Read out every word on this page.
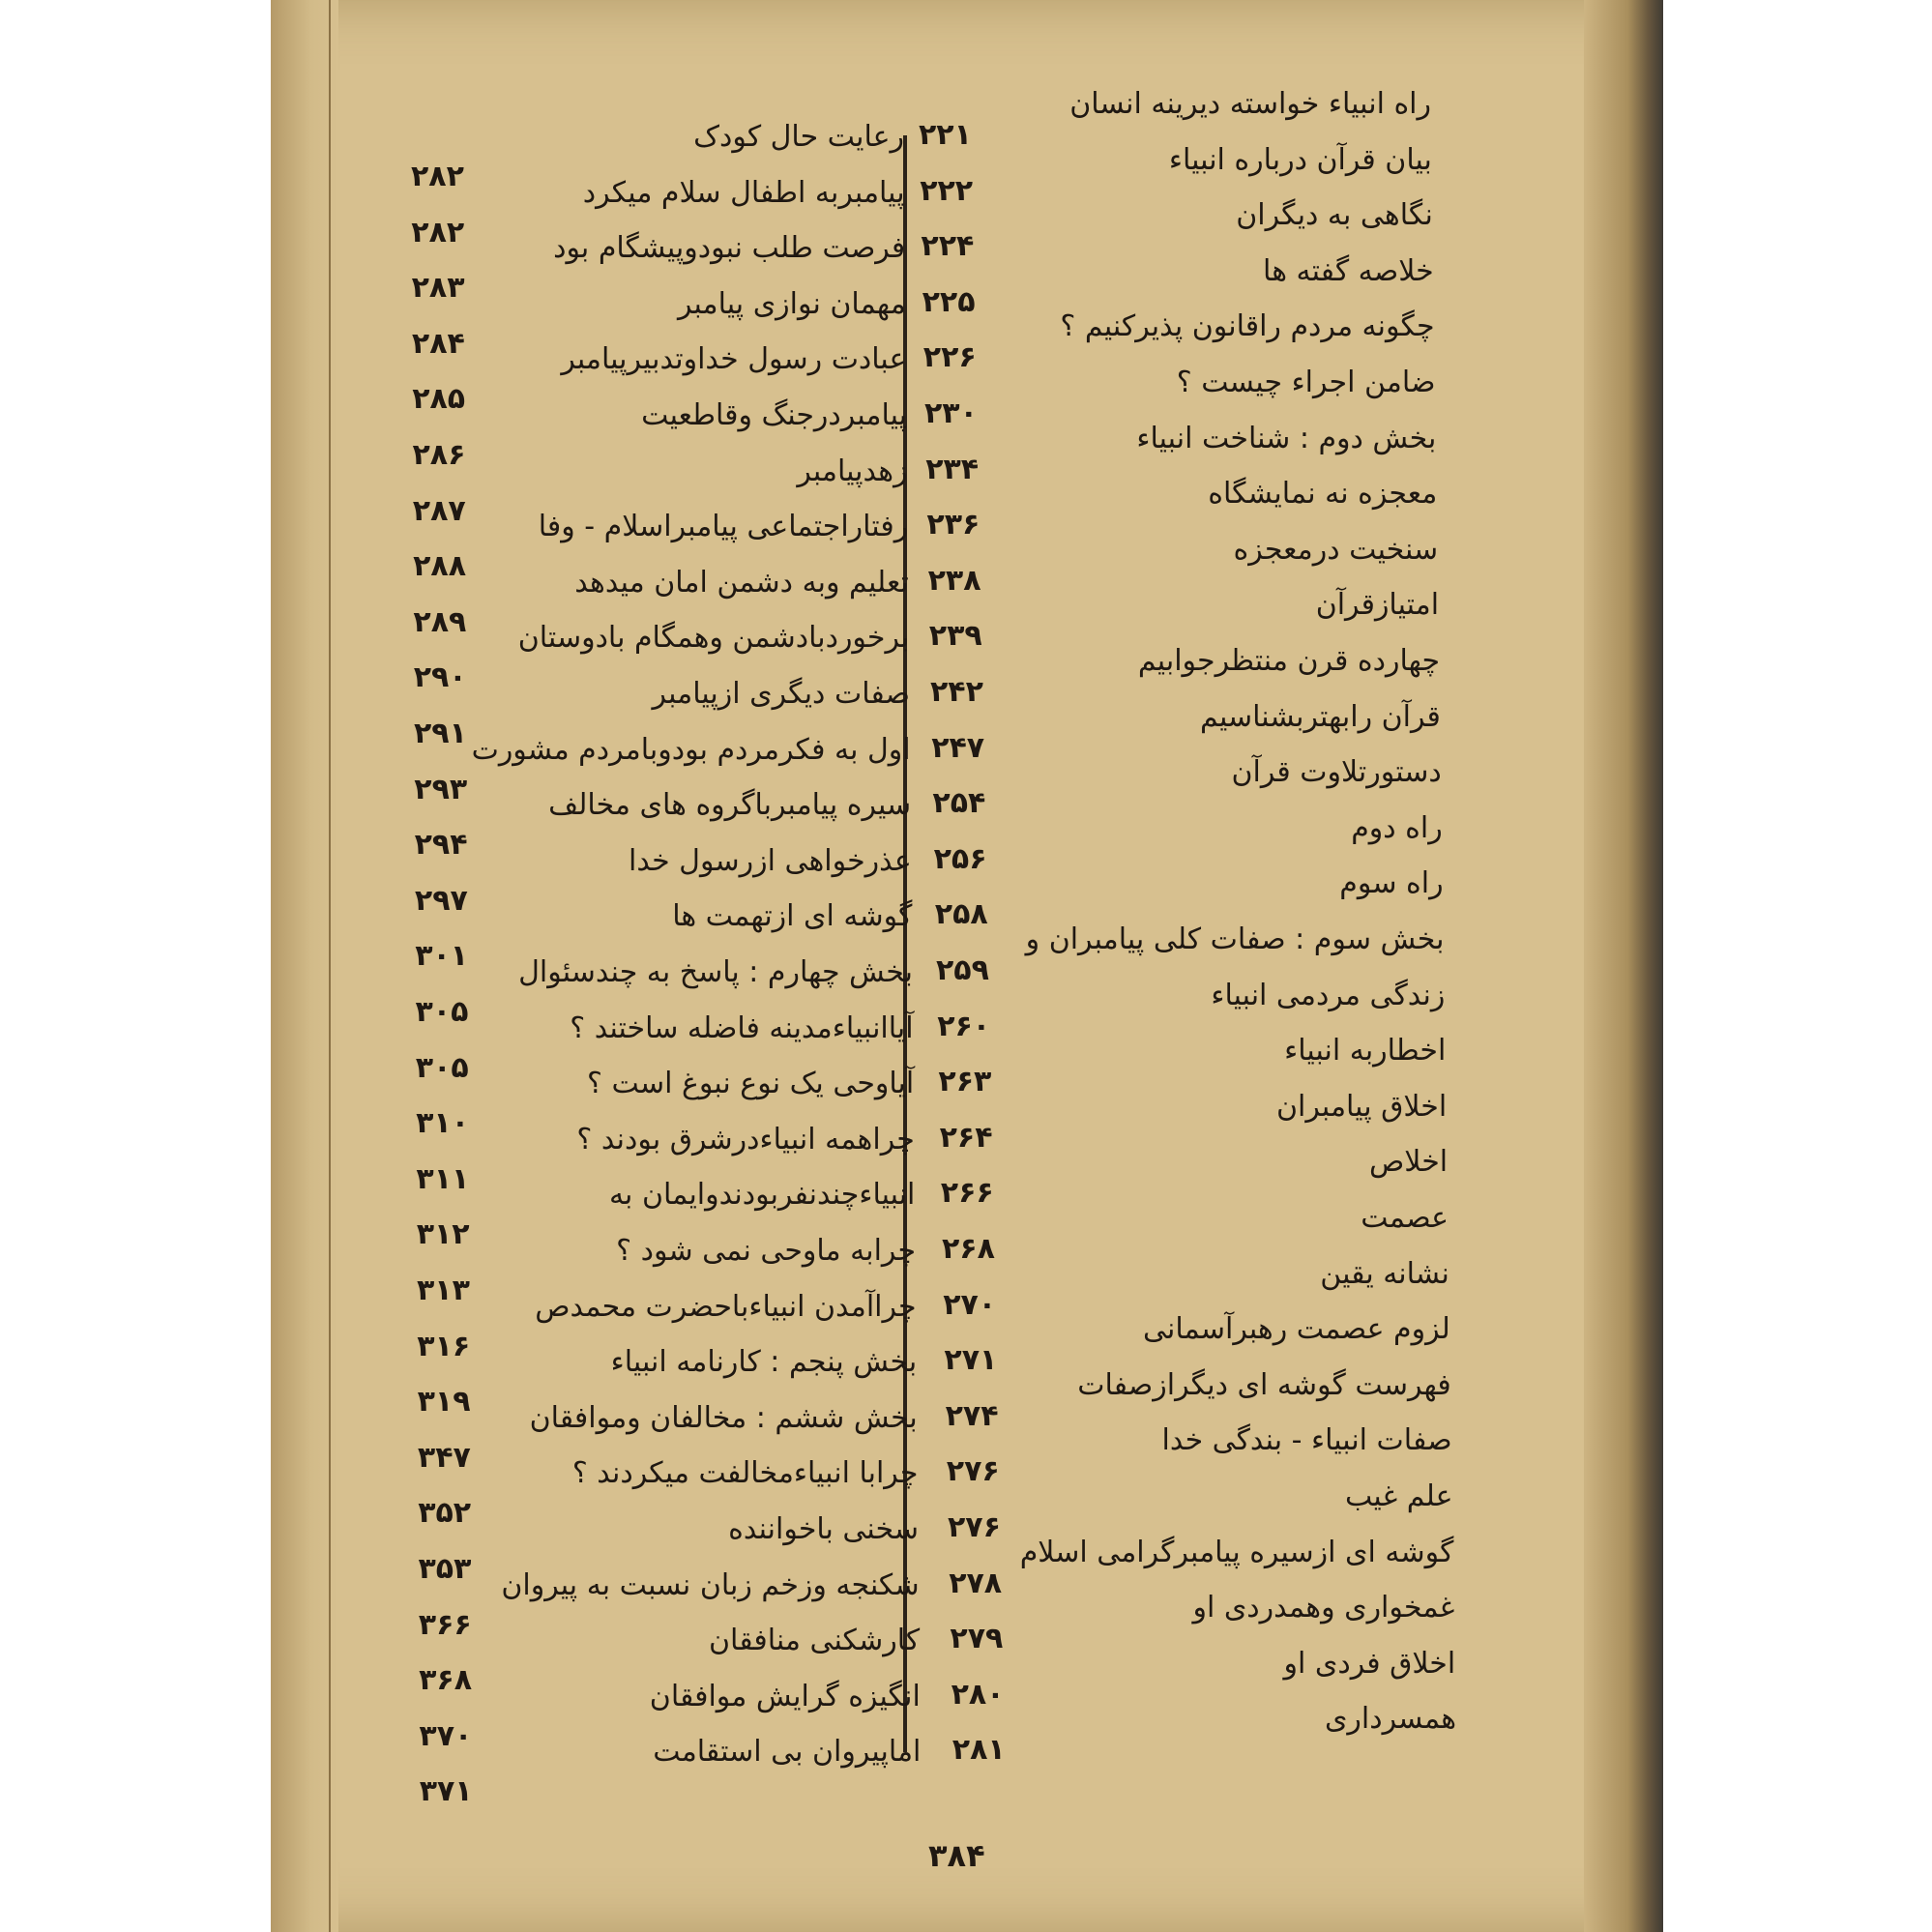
راه انبیاء خواسته دیرینه انسان
بیان قرآن درباره انبیاء
نگاهی به دیگران
خلاصه گفته ها
چگونه مردم راقانون پذیرکنیم ؟
ضامن اجراء چیست ؟
بخش دوم : شناخت انبیاء
معجزه نه نمایشگاه
سنخیت درمعجزه
امتیازقرآن
چهارده قرن منتظرجوابیم
قرآن رابهتربشناسیم
دستورتلاوت قرآن
راه دوم
راه سوم
بخش سوم : صفات کلی پیامبران و
زندگی مردمی انبیاء
اخطاربه انبیاء
اخلاق پیامبران
اخلاص
عصمت
نشانه یقین
لزوم عصمت رهبرآسمانی
فهرست گوشه ای دیگرازصفات
صفات انبیاء - بندگی خدا
علم غیب
گوشه ای ازسیره پیامبرگرامی اسلام
غمخواری وهمدردی او
اخلاق فردی او
همسرداری
۲۲۱
۲۲۲
۲۲۴
۲۲۵
۲۲۶
۲۳۰
۲۳۴
۲۳۶
۲۳۸
۲۳۹
۲۴۲
۲۴۷
۲۵۴
۲۵۶
۲۵۸
۲۵۹
۲۶۰
۲۶۳
۲۶۴
۲۶۶
۲۶۸
۲۷۰
۲۷۱
۲۷۴
۲۷۶
۲۷۶
۲۷۸
۲۷۹
۲۸۰
۲۸۱
رعایت حال کودک
پیامبربه اطفال سلام میکرد
فرصت طلب نبودوپیشگام بود
مهمان نوازی پیامبر
عبادت رسول خداوتدبیرپیامبر
پیامبردرجنگ وقاطعیت
زهدپیامبر
رفتاراجتماعی پیامبراسلام - وفا
تعلیم وبه دشمن امان میدهد
برخوردبادشمن وهمگام بادوستان
صفات دیگری ازپیامبر
اول به فکرمردم بودوبامردم مشورت
سیره پیامبرباگروه های مخالف
عذرخواهی ازرسول خدا
گوشه ای ازتهمت ها
بخش چهارم : پاسخ به چندسئوال
آیاانبیاءمدینه فاضله ساختند ؟
آیاوحی یک نوع نبوغ است ؟
چراهمه انبیاءدرشرق بودند ؟
انبیاءچندنفربودندوایمان به
چرابه ماوحی نمی شود ؟
چراآمدن انبیاءباحضرت محمدص
بخش پنجم : کارنامه انبیاء
بخش ششم : مخالفان وموافقان
چرابا انبیاءمخالفت میکردند ؟
سخنی باخواننده
شکنجه وزخم زبان نسبت به پیروان
کارشکنی منافقان
انگیزه گرایش موافقان
اماپیروان بی استقامت
۲۸۲
۲۸۲
۲۸۳
۲۸۴
۲۸۵
۲۸۶
۲۸۷
۲۸۸
۲۸۹
۲۹۰
۲۹۱
۲۹۳
۲۹۴
۲۹۷
۳۰۱
۳۰۵
۳۰۵
۳۱۰
۳۱۱
۳۱۲
۳۱۳
۳۱۶
۳۱۹
۳۴۷
۳۵۲
۳۵۳
۳۶۶
۳۶۸
۳۷۰
۳۷۱
۳۸۴
